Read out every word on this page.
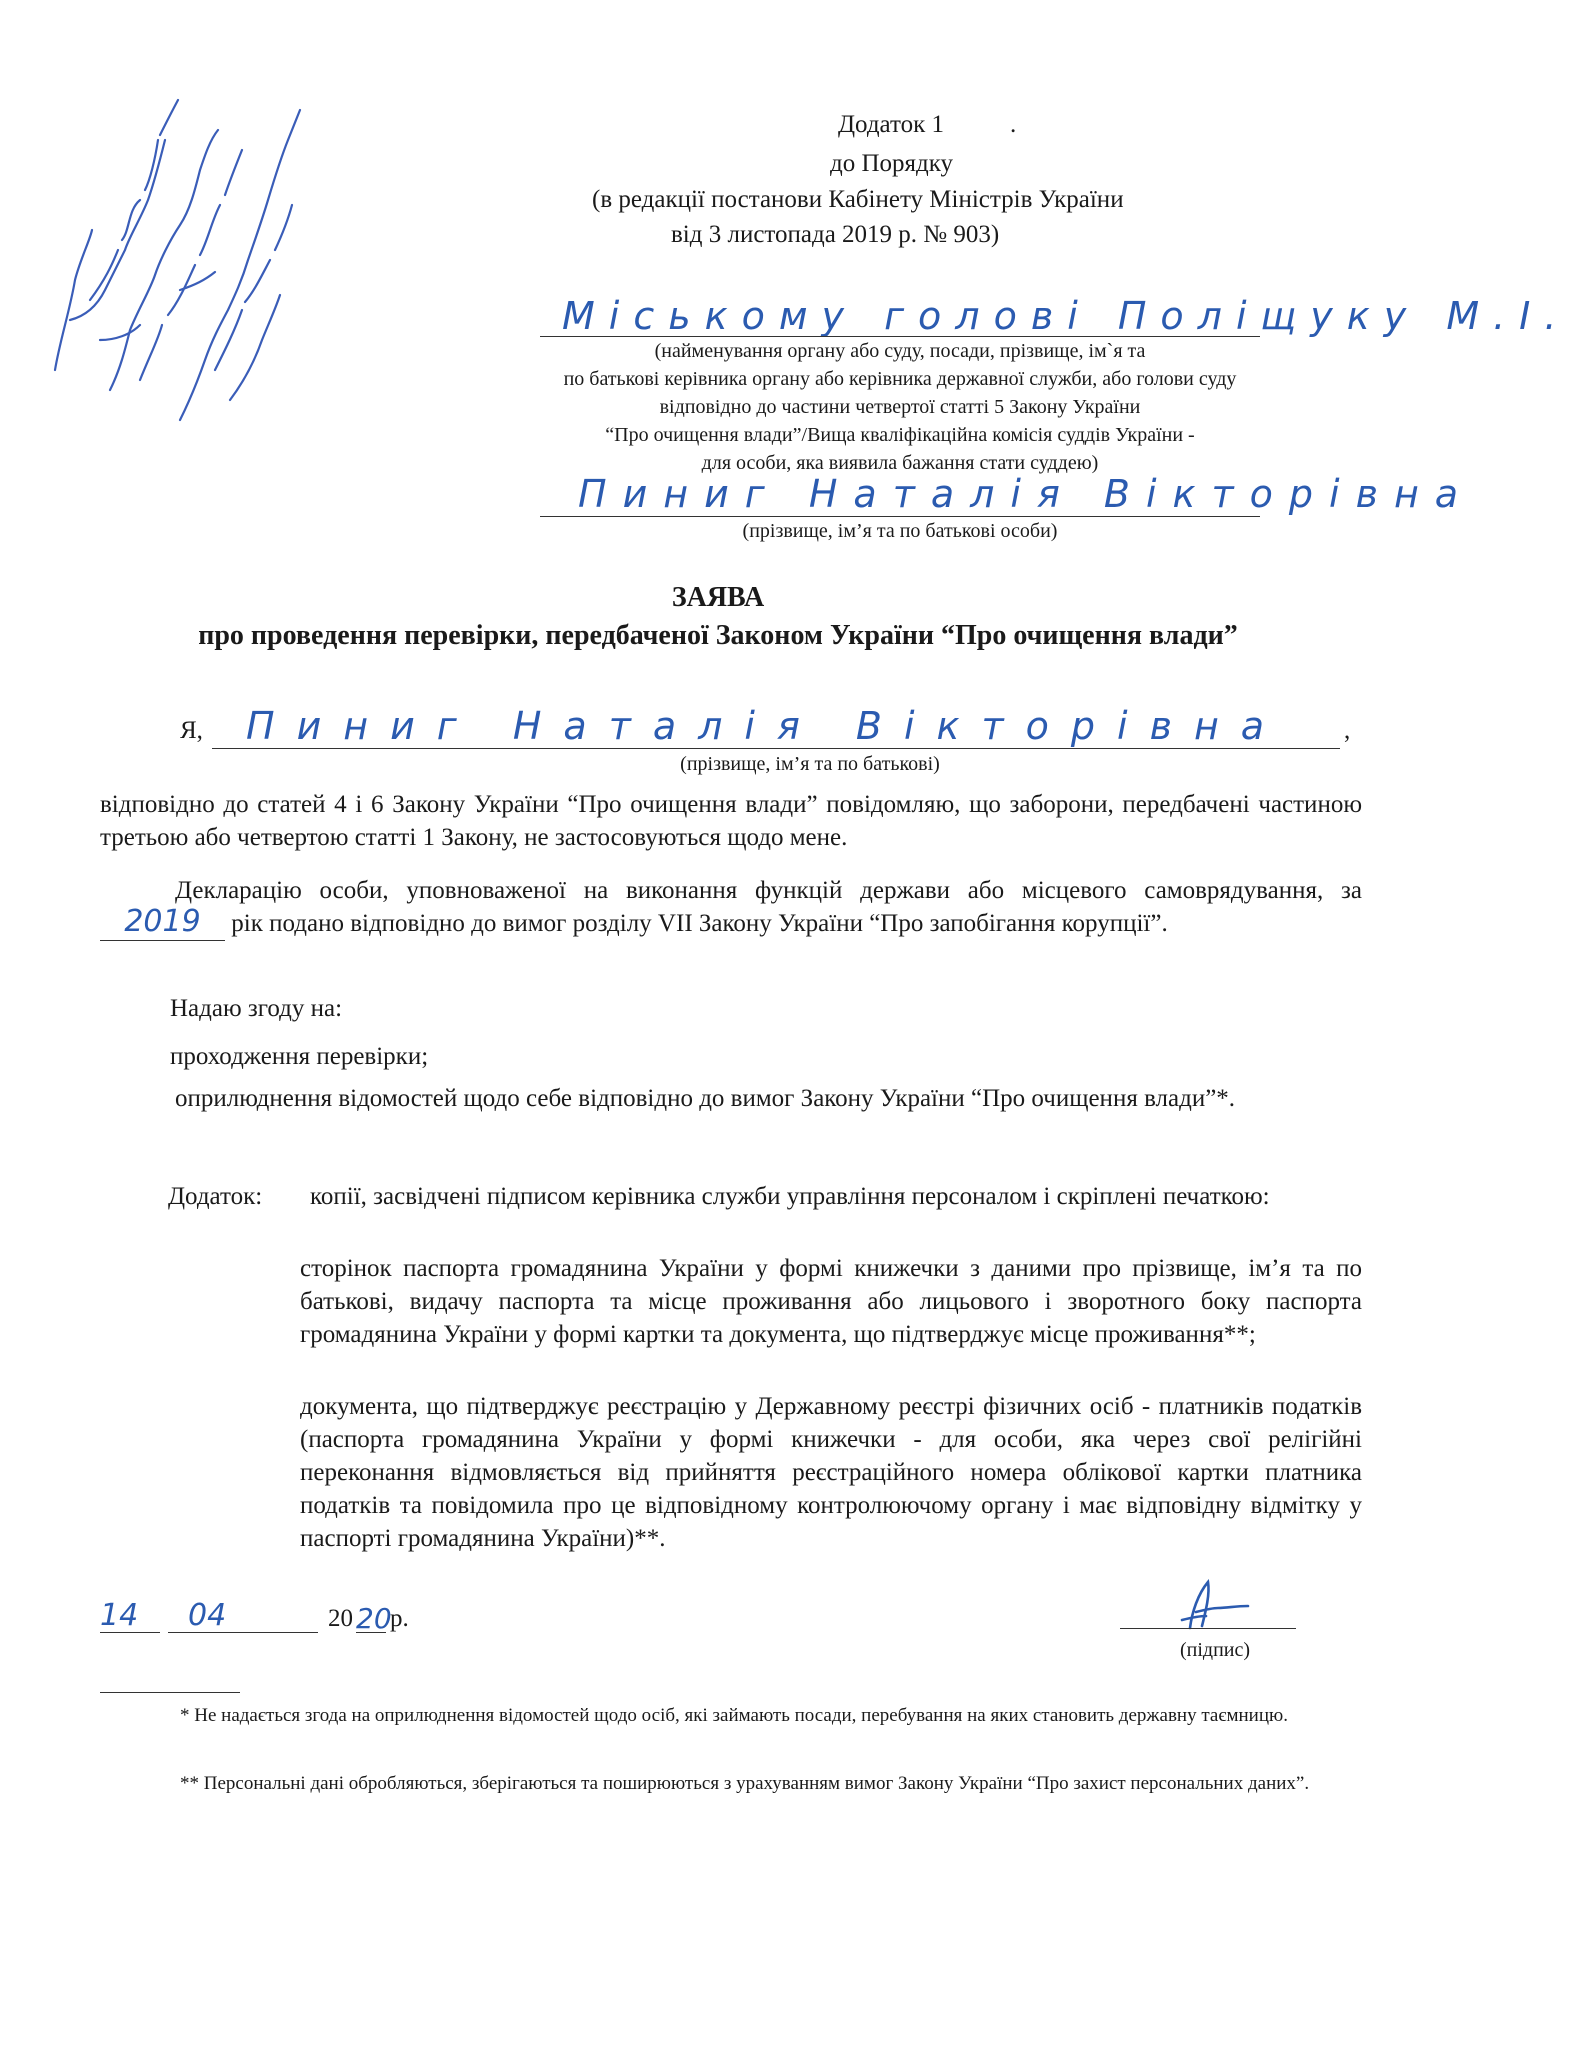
Додаток 1	.
до Порядку
(в редакції постанови Кабінету Міністрів України
від 3 листопада 2019 р. № 903)
Міському голові Поліщуку М.І.
(найменування органу або суду, посади, прізвище, ім`я та
по батькові керівника органу або керівника державної служби, або голови суду
відповідно до частини четвертої статті 5 Закону України
“Про очищення влади”/Вища кваліфікаційна комісія суддів України -
для особи, яка виявила бажання стати суддею)
Пиниг Наталія Вікторівна
(прізвище, ім’я та по батькові особи)
ЗАЯВА
про проведення перевірки, передбаченої Законом України “Про очищення влади”
Я, Пиниг Наталія Вікторівна ,
(прізвище, ім’я та по батькові)
відповідно до статей 4 і 6 Закону України “Про очищення влади” повідомляю, що заборони, передбачені частиною третьою або четвертою статті 1 Закону, не застосовуються щодо мене.
Декларацію особи, уповноваженої на виконання функцій держави або місцевого самоврядування, за 2019 рік подано відповідно до вимог розділу VII Закону України “Про запобігання корупції”.
Надаю згоду на:
проходження перевірки;
оприлюднення відомостей щодо себе відповідно до вимог Закону України “Про очищення влади”*.
Додаток: копії, засвідчені підписом керівника служби управління персоналом і скріплені печаткою:
сторінок паспорта громадянина України у формі книжечки з даними про прізвище, ім’я та по батькові, видачу паспорта та місце проживання або лицьового і зворотного боку паспорта громадянина України у формі картки та документа, що підтверджує місце проживання**;
документа, що підтверджує реєстрацію у Державному реєстрі фізичних осіб - платників податків (паспорта громадянина України у формі книжечки - для особи, яка через свої релігійні переконання відмовляється від прийняття реєстраційного номера облікової картки платника податків та повідомила про це відповідному контролюючому органу і має відповідну відмітку у паспорті громадянина України)**.
14 04	20 20
р.
(підпис)
* Не надається згода на оприлюднення відомостей щодо осіб, які займають посади, перебування на яких становить державну таємницю.
** Персональні дані обробляються, зберігаються та поширюються з урахуванням вимог Закону України “Про захист персональних даних”.
